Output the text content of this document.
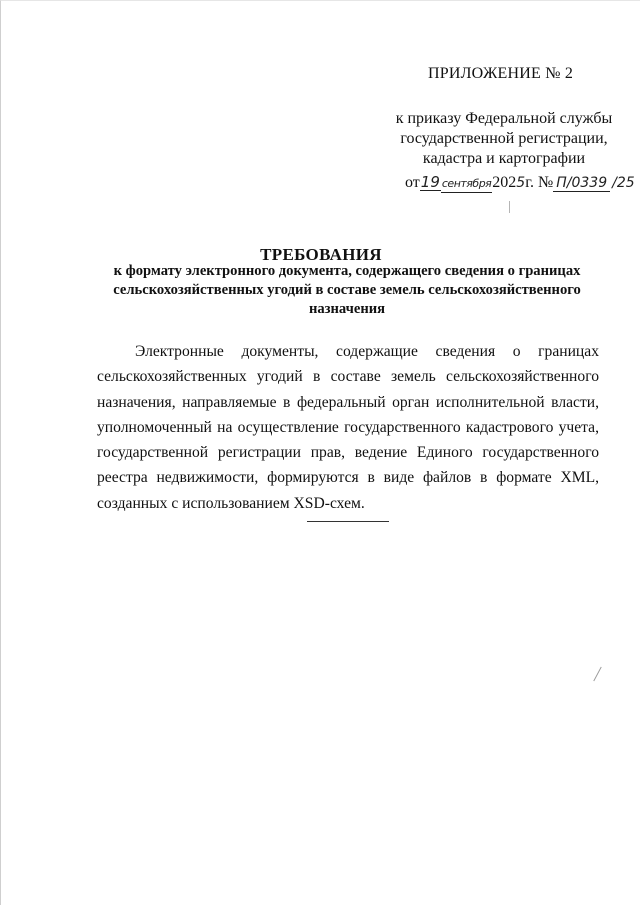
ПРИЛОЖЕНИЕ № 2
к приказу Федеральной службы государственной регистрации, кадастра и картографии
от19 сентября2025г. № П/0339 /25
ТРЕБОВАНИЯ
к формату электронного документа, содержащего сведения о границах сельскохозяйственных угодий в составе земель сельскохозяйственного назначения
Электронные документы, содержащие сведения о границах сельскохозяйственных угодий в составе земель сельскохозяйственного назначения, направляемые в федеральный орган исполнительной власти, уполномоченный на осуществление государственного кадастрового учета, государственной регистрации прав, ведение Единого государственного реестра недвижимости, формируются в виде файлов в формате XML, созданных с использованием XSD-схем.
